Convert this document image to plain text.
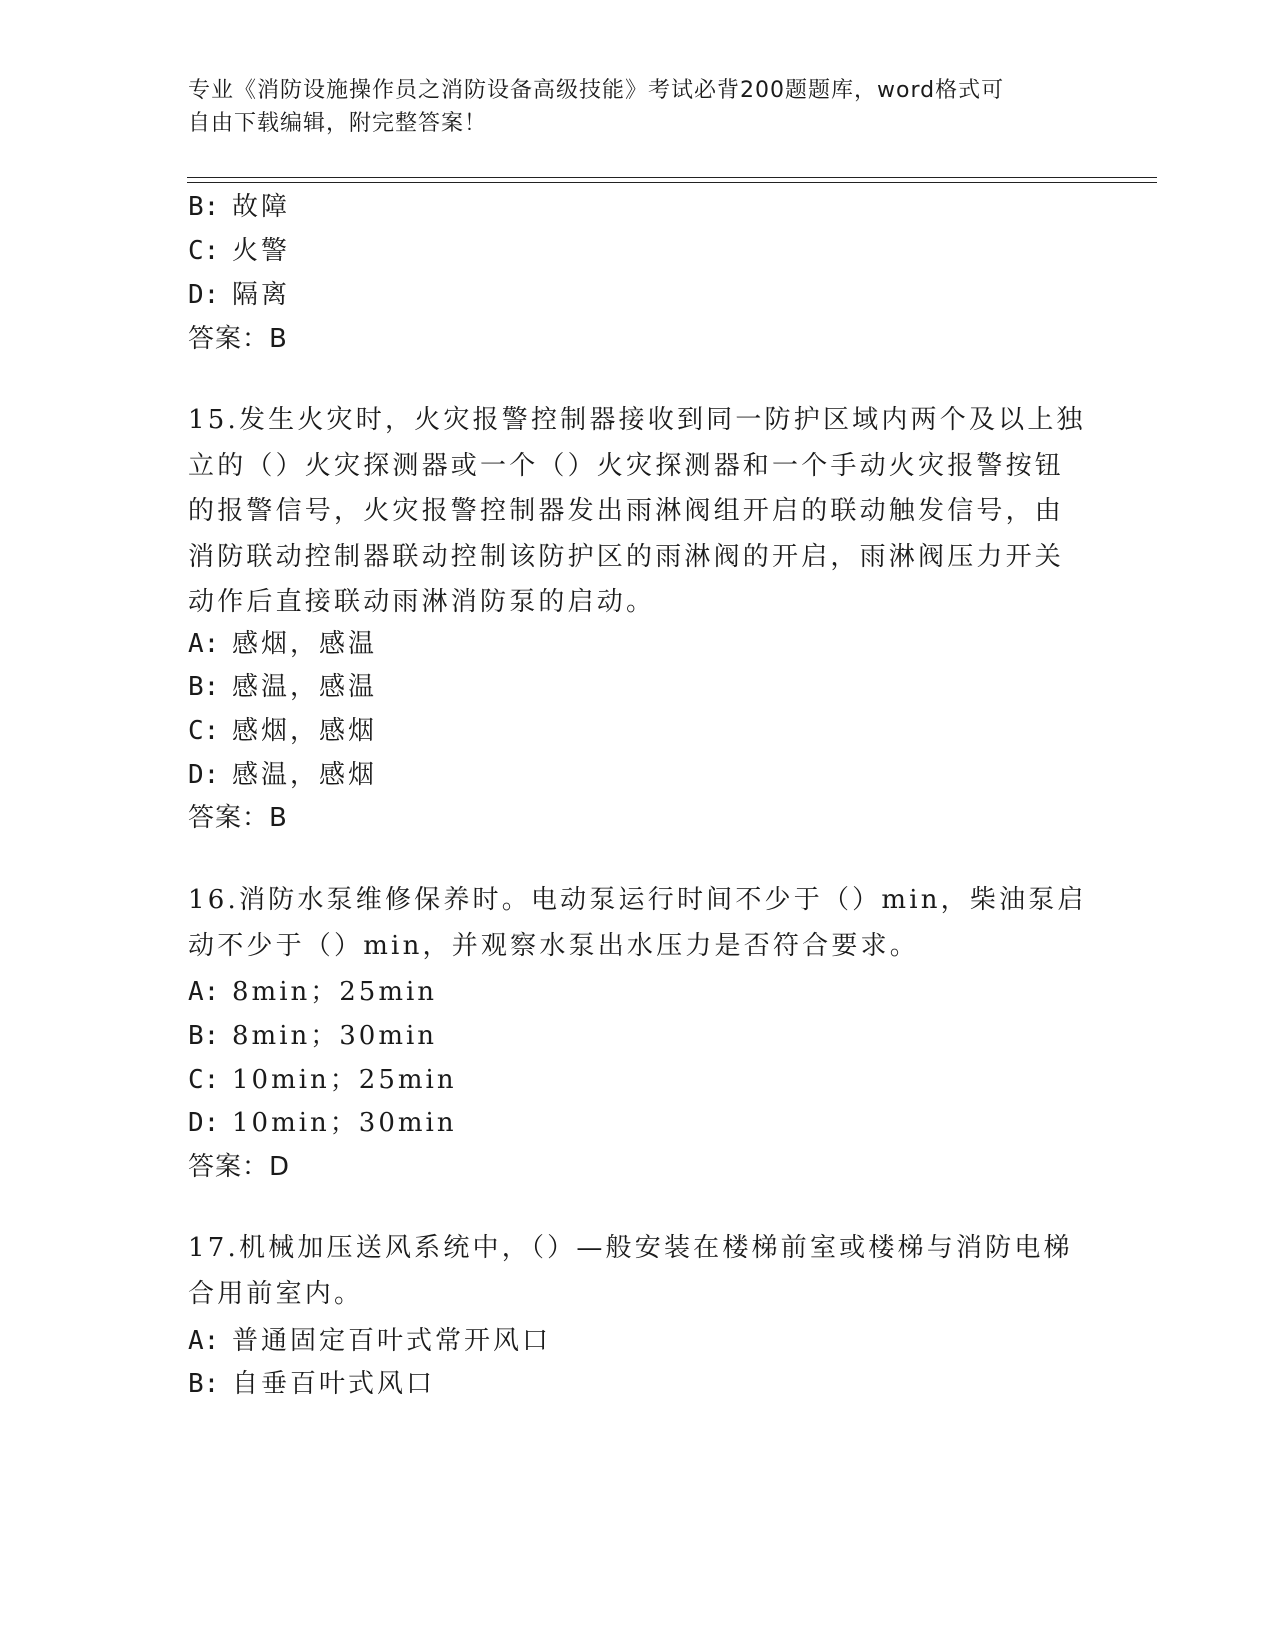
专业《消防设施操作员之消防设备高级技能》考试必背200题题库，word格式可
自由下载编辑，附完整答案！
B: 故障
C: 火警
D: 隔离
答案：B
15.发生火灾时，火灾报警控制器接收到同一防护区域内两个及以上独
立的（）火灾探测器或一个（）火灾探测器和一个手动火灾报警按钮
的报警信号，火灾报警控制器发出雨淋阀组开启的联动触发信号，由
消防联动控制器联动控制该防护区的雨淋阀的开启，雨淋阀压力开关
动作后直接联动雨淋消防泵的启动。
A: 感烟，感温
B: 感温，感温
C: 感烟，感烟
D: 感温，感烟
答案：B
16.消防水泵维修保养时。电动泵运行时间不少于（）min，柴油泵启
动不少于（）min，并观察水泵出水压力是否符合要求。
A: 8min；25min
B: 8min；30min
C: 10min；25min
D: 10min；30min
答案：D
17.机械加压送风系统中，（）—般安装在楼梯前室或楼梯与消防电梯
合用前室内。
A: 普通固定百叶式常开风口
B: 自垂百叶式风口
